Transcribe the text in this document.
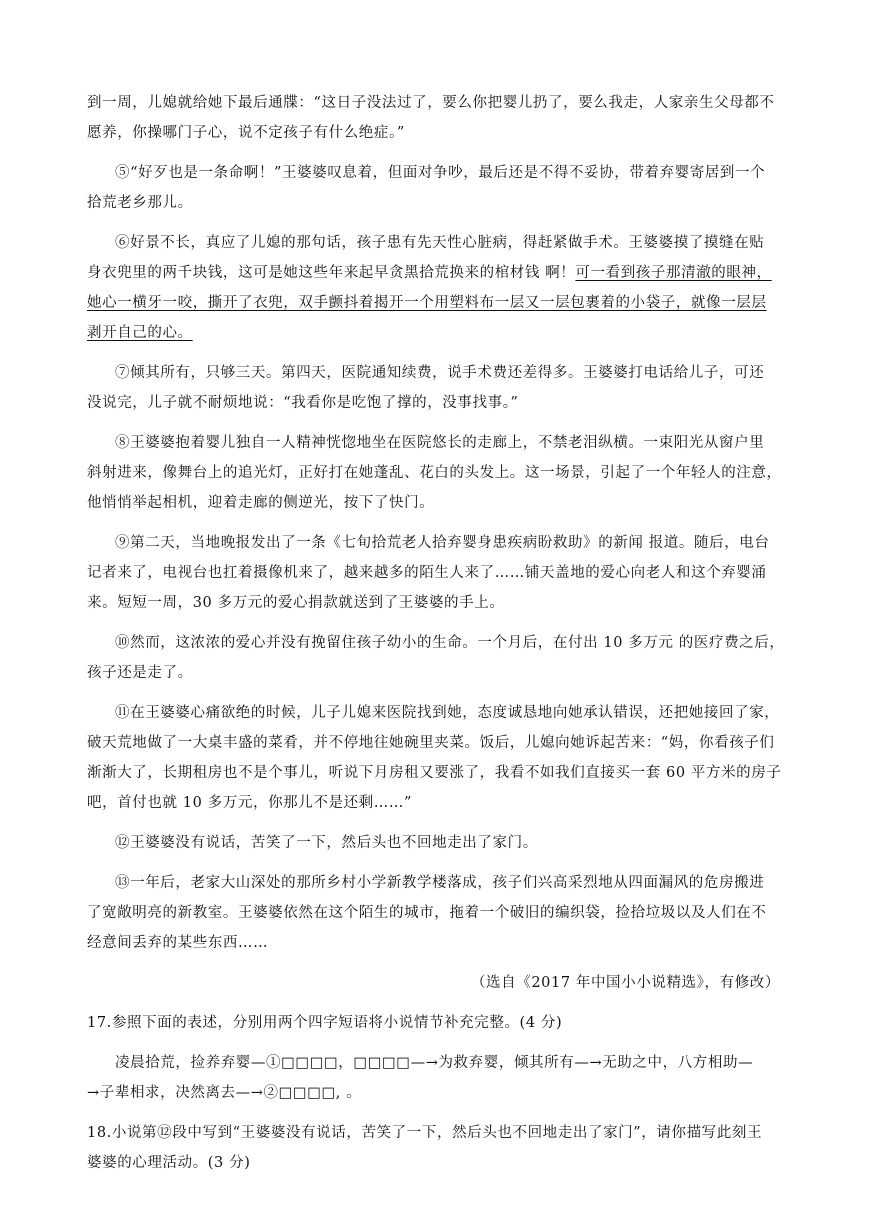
到一周，儿媳就给她下最后通牒：“这日子没法过了，要么你把婴儿扔了，要么我走，人家亲生父母都不
愿养，你操哪门子心，说不定孩子有什么绝症。”
⑤“好歹也是一条命啊！”王婆婆叹息着，但面对争吵，最后还是不得不妥协，带着弃婴寄居到一个
拾荒老乡那儿。
⑥好景不长，真应了儿媳的那句话，孩子患有先天性心脏病，得赶紧做手术。王婆婆摸了摸缝在贴
身衣兜里的两千块钱，这可是她这些年来起早贪黑拾荒换来的棺材钱 啊！可一看到孩子那清澈的眼神，
她心一横牙一咬，撕开了衣兜，双手颤抖着揭开一个用塑料布一层又一层包裹着的小袋子，就像一层层
剥开自己的心。
⑦倾其所有，只够三天。第四天，医院通知续费，说手术费还差得多。王婆婆打电话给儿子，可还
没说完，儿子就不耐烦地说：“我看你是吃饱了撑的，没事找事。”
⑧王婆婆抱着婴儿独自一人精神恍惚地坐在医院悠长的走廊上，不禁老泪纵横。一束阳光从窗户里
斜射进来，像舞台上的追光灯，正好打在她蓬乱、花白的头发上。这一场景，引起了一个年轻人的注意，
他悄悄举起相机，迎着走廊的侧逆光，按下了快门。
⑨第二天，当地晚报发出了一条《七旬拾荒老人拾弃婴身患疾病盼救助》的新闻 报道。随后，电台
记者来了，电视台也扛着摄像机来了，越来越多的陌生人来了……铺天盖地的爱心向老人和这个弃婴涌
来。短短一周，30 多万元的爱心捐款就送到了王婆婆的手上。
⑩然而，这浓浓的爱心并没有挽留住孩子幼小的生命。一个月后，在付出 10 多万元 的医疗费之后，
孩子还是走了。
⑪在王婆婆心痛欲绝的时候，儿子儿媳来医院找到她，态度诚恳地向她承认错误，还把她接回了家，
破天荒地做了一大桌丰盛的菜肴，并不停地往她碗里夹菜。饭后，儿媳向她诉起苦来：“妈，你看孩子们
渐渐大了，长期租房也不是个事儿，听说下月房租又要涨了，我看不如我们直接买一套 60 平方米的房子
吧，首付也就 10 多万元，你那儿不是还剩……”
⑫王婆婆没有说话，苦笑了一下，然后头也不回地走出了家门。
⑬一年后，老家大山深处的那所乡村小学新教学楼落成，孩子们兴高采烈地从四面漏风的危房搬进
了宽敞明亮的新教室。王婆婆依然在这个陌生的城市，拖着一个破旧的编织袋，捡拾垃圾以及人们在不
经意间丢弃的某些东西……
（选自《2017 年中国小小说精选》，有修改）
17.参照下面的表述，分别用两个四字短语将小说情节补充完整。(4 分)
凌晨拾荒，捡养弃婴—①□□□□，□□□□—→为救弃婴，倾其所有—→无助之中，八方相助—
→子辈相求，决然离去—→②□□□□, 。
18.小说第⑫段中写到“王婆婆没有说话，苦笑了一下，然后头也不回地走出了家门”，请你描写此刻王
婆婆的心理活动。(3 分)
